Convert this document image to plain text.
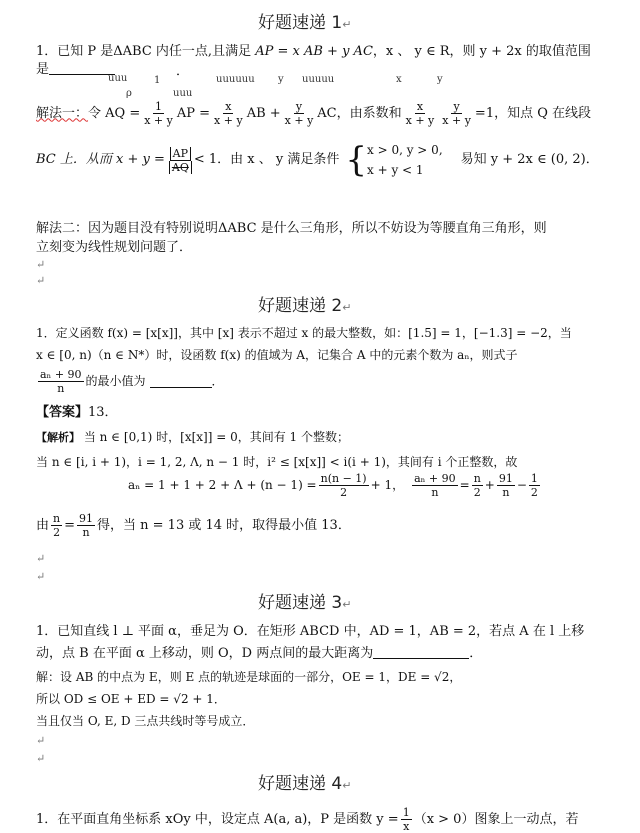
好题速递 1↵
1．已知 P 是ΔABC 内任一点,且满足 AP = x AB + y AC，x 、 y ∈ R，则 y + 2x 的取值范围
是
uuu	．
uuuuuu y uuuuu	x	y
1
ρ	uuu
解法一： 令 AQ = $\frac{1}{x + y}$ AP = $\frac{x}{x + y}$ AB + $\frac{y}{x + y}$ AC，由系数和 $\frac{x}{x + y} \frac{y}{x + y} =1$，知点 Q 在线段
BC 上．从而 $x + y = \frac{AP}{AQ} < 1$．由 x 、 y 满足条件 { x > 0, y > 0,
x + y < 1
易知 y + 2x ∈ (0, 2)．
解法二：因为题目没有特别说明ΔABC 是什么三角形，所以不妨设为等腰直角三角形，则
立刻变为线性规划问题了．
↵
↵
好题速递 2↵
1．定义函数 f(x) = [x[x]]，其中 [x] 表示不超过 x 的最大整数，如：[1.5] = 1，[−1.3] = −2，当
x ∈ [0, n)（n ∈ N*）时，设函数 f(x) 的值域为 A，记集合 A 中的元素个数为 aₙ，则式子
$\frac{\text{aₙ + 90}}{n}$ 的最小值为	．
【答案】13．
【解析】 当 n ∈ [0,1) 时，[x[x]] = 0，其间有 1 个整数；
当 n ∈ [i, i + 1)，i = 1, 2, Λ, n − 1 时，i² ≤ [x[x]] < i(i + 1)，其间有 i 个正整数，故
$a_n = 1 + 1 + 2 + \Lambda + (n - 1) = \frac{n(n - 1)}{2} + 1$， $\frac{\text{aₙ + 90}}{n} = \frac{n}{2} + \frac{91}{n} - \frac{1}{2}$
由 $\frac{n}{2} = \frac{91}{n}$ 得，当 n = 13 或 14 时，取得最小值 13．
↵
↵
好题速递 3↵
1．已知直线 l ⊥ 平面 α，垂足为 O．在矩形 ABCD 中，AD = 1，AB = 2，若点 A 在 l 上移
动，点 B 在平面 α 上移动，则 O，D 两点间的最大距离为	．
解：设 AB 的中点为 E，则 E 点的轨迹是球面的一部分，OE = 1，DE = √2，
所以 OD ≤ OE + ED = √2 + 1．
当且仅当 O, E, D 三点共线时等号成立．
↵
↵
好题速递 4↵
1．在平面直角坐标系 xOy 中，设定点 A(a, a)，P 是函数 $y = \frac{1}{x} (x > 0)$图象上一动点，若
